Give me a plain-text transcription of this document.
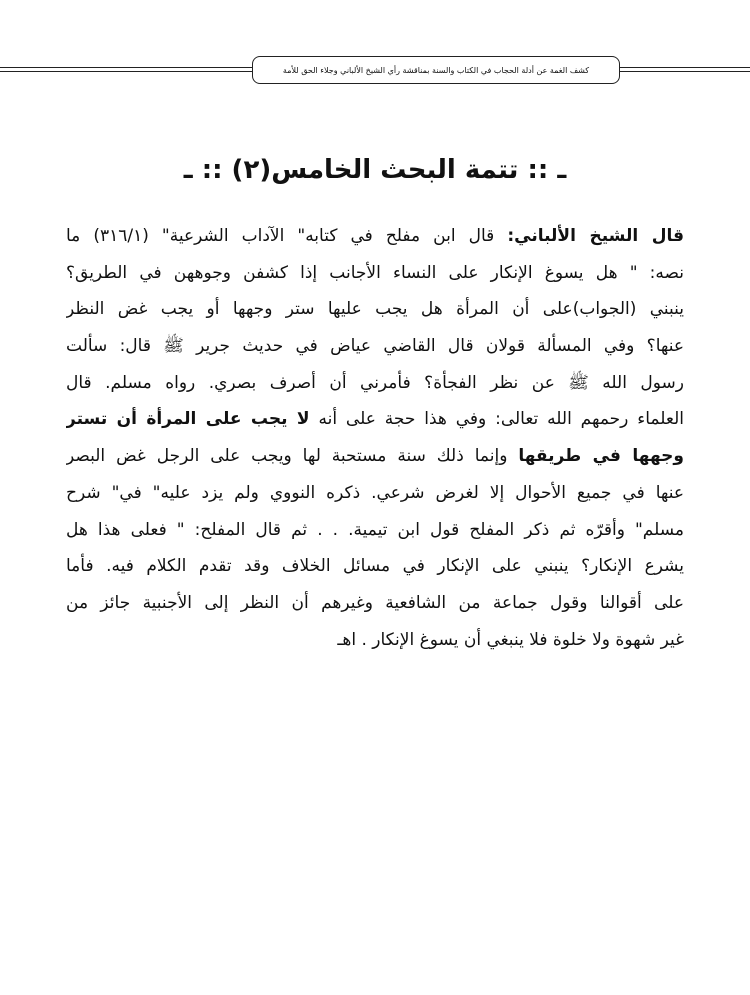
كشف الغمة عن أدلة الحجاب في الكتاب والسنة بمناقشة رأي الشيخ الألباني وجلاء الحق للأمة
ـ :: تتمة البحث الخامس(٢) :: ـ
قال الشيخ الألباني: قال ابن مفلح في كتابه" الآداب الشرعية" (٣١٦/١) ما
نصه: " هل يسوغ الإنكار على النساء الأجانب إذا كشفن وجوههن في الطريق؟
ينبني (الجواب)على أن المرأة هل يجب عليها ستر وجهها أو يجب غض النظر
عنها؟ وفي المسألة قولان قال القاضي عياض في حديث جرير ﷺ قال: سألت
رسول الله ﷺ عن نظر الفجأة؟ فأمرني أن أصرف بصري. رواه مسلم. قال
العلماء رحمهم الله تعالى: وفي هذا حجة على أنه لا يجب على المرأة أن تستر
وجهها في طريقها وإنما ذلك سنة مستحبة لها ويجب على الرجل غض البصر
عنها في جميع الأحوال إلا لغرض شرعي. ذكره النووي ولم يزد عليه" في" شرح
مسلم" وأقرّه ثم ذكر المفلح قول ابن تيمية. . . ثم قال المفلح: " فعلى هذا هل
يشرع الإنكار؟ ينبني على الإنكار في مسائل الخلاف وقد تقدم الكلام فيه. فأما
على أقوالنا وقول جماعة من الشافعية وغيرهم أن النظر إلى الأجنبية جائز من
غير شهوة ولا خلوة فلا ينبغي أن يسوغ الإنكار . اهـ
